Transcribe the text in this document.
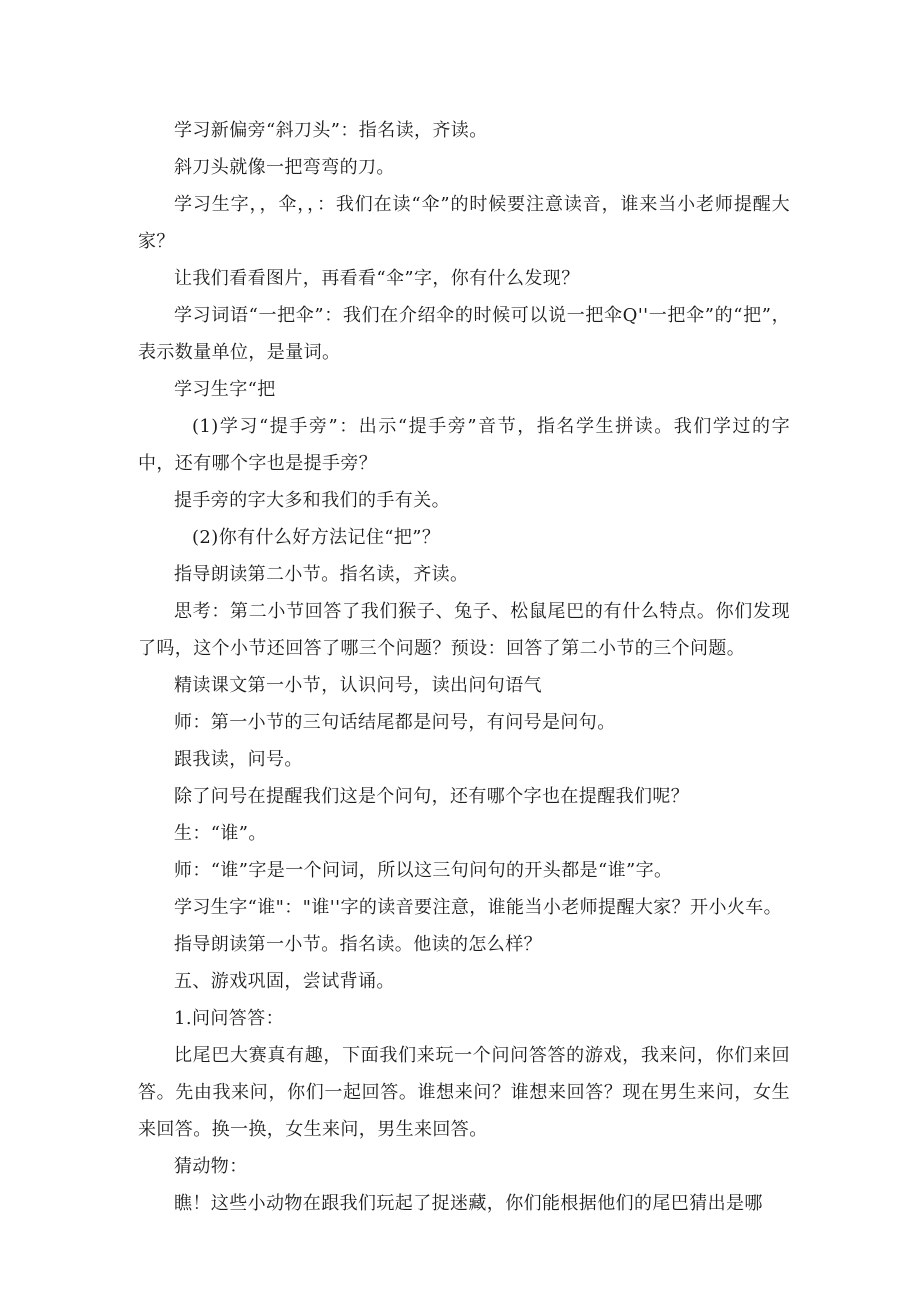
学习新偏旁“斜刀头”：指名读，齐读。

斜刀头就像一把弯弯的刀。

学习生字，，伞，，：我们在读“伞”的时候要注意读音，谁来当小老师提醒大家？

让我们看看图片，再看看“伞”字，你有什么发现？

学习词语“一把伞”：我们在介绍伞的时候可以说一把伞Q''一把伞”的“把”，表示数量单位，是量词。

学习生字“把

(1)学习“提手旁”：出示“提手旁”音节，指名学生拼读。我们学过的字中，还有哪个字也是提手旁？

提手旁的字大多和我们的手有关。

(2)你有什么好方法记住“把”？

指导朗读第二小节。指名读，齐读。

思考：第二小节回答了我们猴子、兔子、松鼠尾巴的有什么特点。你们发现了吗，这个小节还回答了哪三个问题？预设：回答了第二小节的三个问题。

精读课文第一小节，认识问号，读出问句语气

师：第一小节的三句话结尾都是问号，有问号是问句。

跟我读，问号。

除了问号在提醒我们这是个问句，还有哪个字也在提醒我们呢？

生：“谁”。

师：“谁”字是一个问词，所以这三句问句的开头都是“谁”字。

学习生字“谁"："谁''字的读音要注意，谁能当小老师提醒大家？开小火车。

指导朗读第一小节。指名读。他读的怎么样？

五、游戏巩固，尝试背诵。

1.问问答答：

比尾巴大赛真有趣，下面我们来玩一个问问答答的游戏，我来问，你们来回答。先由我来问，你们一起回答。谁想来问？谁想来回答？现在男生来问，女生来回答。换一换，女生来问，男生来回答。

猜动物：

瞧！这些小动物在跟我们玩起了捉迷藏，你们能根据他们的尾巴猜出是哪
